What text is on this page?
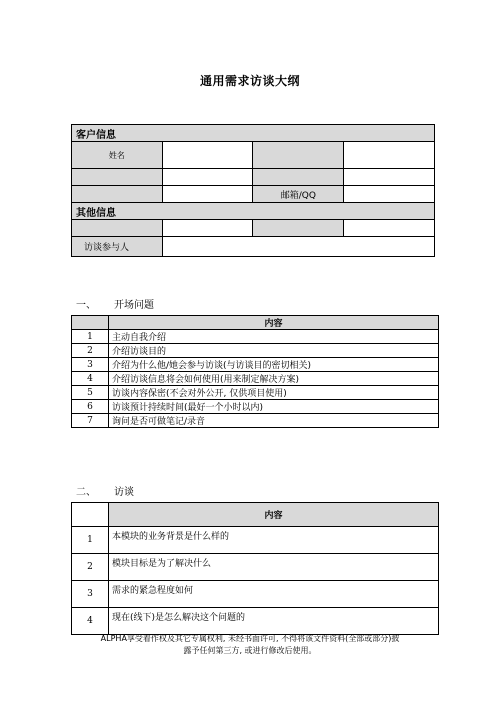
通用需求访谈大纲
客户信息			
姓名			

		邮箱/QQ	
其他信息			

访谈参与人			
一、 开场问题
	内容
1	主动自我介绍
2	介绍访谈目的
3	介绍为什么他/她会参与访谈(与访谈目的密切相关)
4	介绍访谈信息将会如何使用(用来制定解决方案)
5	访谈内容保密(不会对外公开, 仅供项目使用)
6	访谈预计持续时间(最好一个小时以内)
7	询问是否可做笔记/录音
二、 访谈
	内容
1	本模块的业务背景是什么样的
2	模块目标是为了解决什么
3	需求的紧急程度如何
4	现在(线下)是怎么解决这个问题的
ALPHA享受着作权及其它专属权利, 未经书面许可, 不得将该文件资料(全部或部分)披
露予任何第三方, 或进行修改后使用。
